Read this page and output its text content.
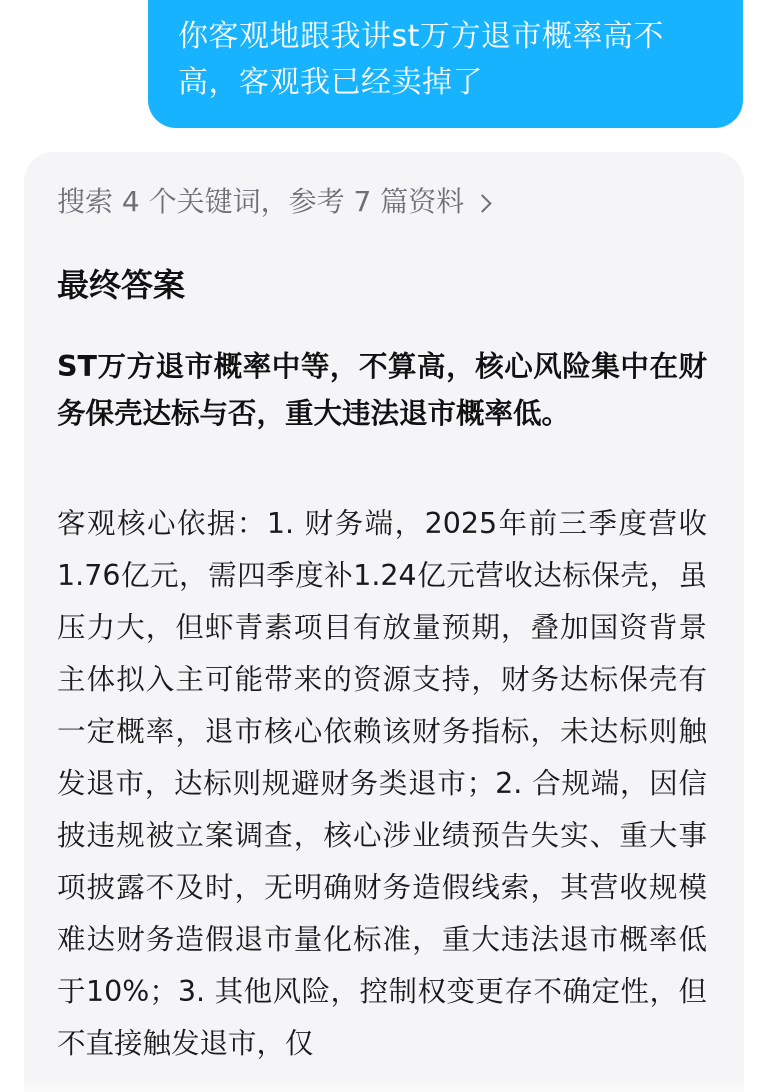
你客观地跟我讲st万方退市概率高不高，客观我已经卖掉了
搜索 4 个关键词，参考 7 篇资料
最终答案
ST万方退市概率中等，不算高，核心风险集中在财务保壳达标与否，重大违法退市概率低。
客观核心依据：1. 财务端，2025年前三季度营收1.76亿元，需四季度补1.24亿元营收达标保壳，虽压力大，但虾青素项目有放量预期，叠加国资背景主体拟入主可能带来的资源支持，财务达标保壳有一定概率，退市核心依赖该财务指标，未达标则触发退市，达标则规避财务类退市；2. 合规端，因信披违规被立案调查，核心涉业绩预告失实、重大事项披露不及时，无明确财务造假线索，其营收规模难达财务造假退市量化标准，重大违法退市概率低于10%；3. 其他风险，控制权变更存不确定性，但不直接触发退市，仅
